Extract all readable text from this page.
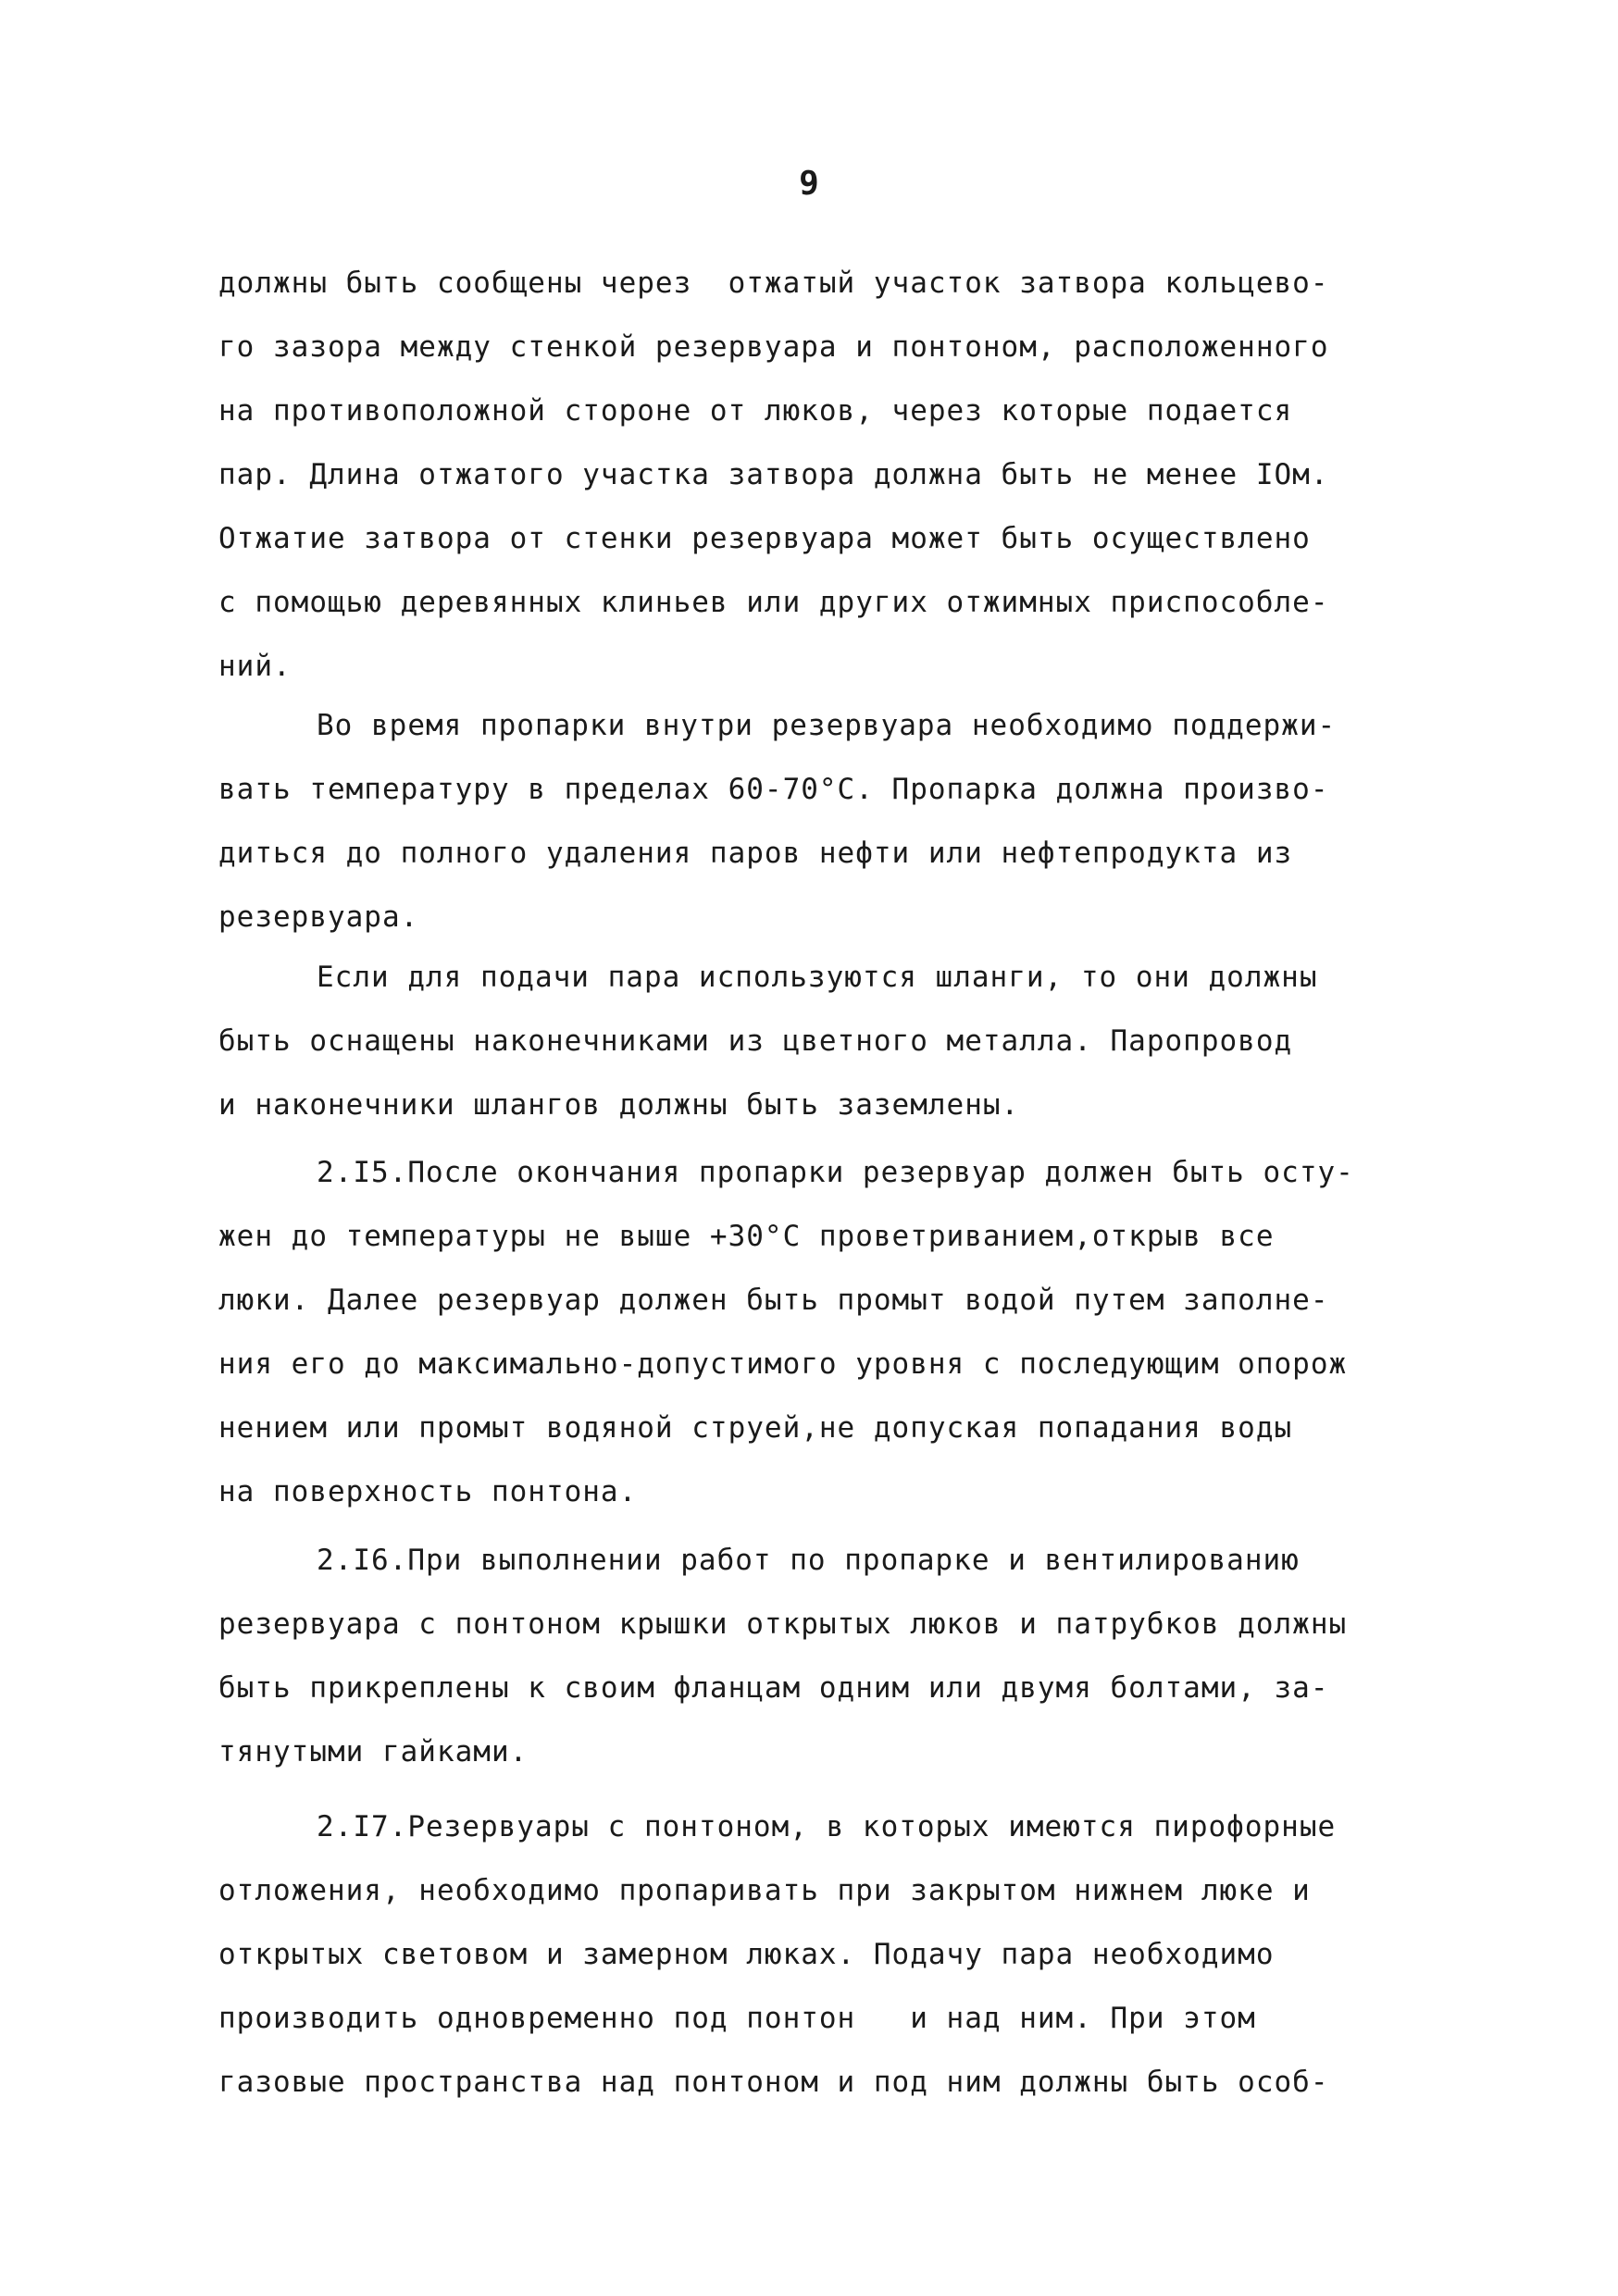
9
должны быть сообщены через  отжатый участок затвора кольцево-
го зазора между стенкой резервуара и понтоном, расположенного
на противоположной стороне от люков, через которые подается
пар. Длина отжатого участка затвора должна быть не менее IOм.
Отжатие затвора от стенки резервуара может быть осуществлено
с помощью деревянных клиньев или других отжимных приспособле-
ний.
Во время пропарки внутри резервуара необходимо поддержи-
вать температуру в пределах 60-70°С. Пропарка должна произво-
диться до полного удаления паров нефти или нефтепродукта из
резервуара.
Если для подачи пара используются шланги, то они должны
быть оснащены наконечниками из цветного металла. Паропровод
и наконечники шлангов должны быть заземлены.
2.I5.После окончания пропарки резервуар должен быть осту-
жен до температуры не выше +30°С проветриванием,открыв все
люки. Далее резервуар должен быть промыт водой путем заполне-
ния его до максимально-допустимого уровня с последующим опорож
нением или промыт водяной струей,не допуская попадания воды
на поверхность понтона.
2.I6.При выполнении работ по пропарке и вентилированию
резервуара с понтоном крышки открытых люков и патрубков должны
быть прикреплены к своим фланцам одним или двумя болтами, за-
тянутыми гайками.
2.I7.Резервуары с понтоном, в которых имеются пирофорные
отложения, необходимо пропаривать при закрытом нижнем люке и
открытых световом и замерном люках. Подачу пара необходимо
производить одновременно под понтон   и над ним. При этом
газовые пространства над понтоном и под ним должны быть особ-
